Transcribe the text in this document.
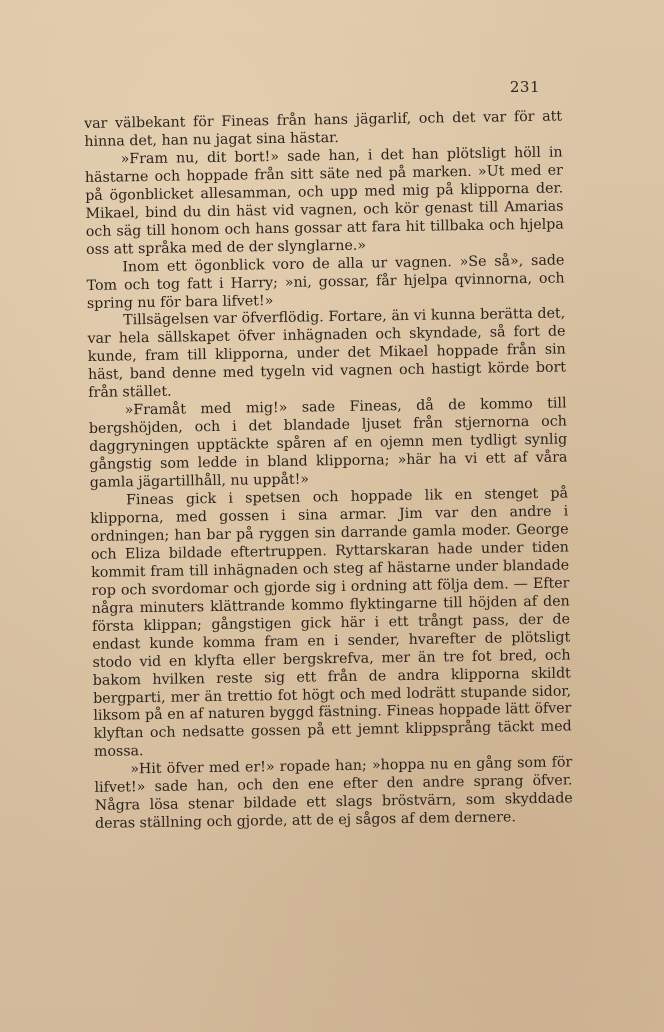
231

var välbekant för Fineas från hans jägarlif, och det var för att hinna det, han nu jagat sina hästar.

»Fram nu, dit bort!» sade han, i det han plötsligt höll in hästarne och hoppade från sitt säte ned på marken. »Ut med er på ögonblicket allesamman, och upp med mig på klipporna der. Mikael, bind du din häst vid vagnen, och kör genast till Amarias och säg till honom och hans gossar att fara hit tillbaka och hjelpa oss att språka med de der slynglarne.»

Inom ett ögonblick voro de alla ur vagnen. »Se så», sade Tom och tog fatt i Harry; »ni, gossar, får hjelpa qvinnorna, och spring nu för bara lifvet!»

Tillsägelsen var öfverflödig. Fortare, än vi kunna berätta det, var hela sällskapet öfver inhägnaden och skyndade, så fort de kunde, fram till klipporna, under det Mikael hoppade från sin häst, band denne med tygeln vid vagnen och hastigt körde bort från stället.

»Framåt med mig!» sade Fineas, då de kommo till bergshöjden, och i det blandade ljuset från stjernorna och daggryningen upptäckte spåren af en ojemn men tydligt synlig gångstig som ledde in bland klipporna; »här ha vi ett af våra gamla jägartillhåll, nu uppåt!»

Fineas gick i spetsen och hoppade lik en stenget på klipporna, med gossen i sina armar. Jim var den andre i ordningen; han bar på ryggen sin darrande gamla moder. George och Eliza bildade eftertruppen. Ryttarskaran hade under tiden kommit fram till inhägnaden och steg af hästarne under blandade rop och svordomar och gjorde sig i ordning att följa dem. — Efter några minuters klättrande kommo flyktingarne till höjden af den första klippan; gångstigen gick här i ett trångt pass, der de endast kunde komma fram en i sender, hvarefter de plötsligt stodo vid en klyfta eller bergskrefva, mer än tre fot bred, och bakom hvilken reste sig ett från de andra klipporna skildt bergparti, mer än trettio fot högt och med lodrätt stupande sidor, liksom på en af naturen byggd fästning. Fineas hoppade lätt öfver klyftan och nedsatte gossen på ett jemnt klippsprång täckt med mossa.

»Hit öfver med er!» ropade han; »hoppa nu en gång som för lifvet!» sade han, och den ene efter den andre sprang öfver. Några lösa stenar bildade ett slags bröstvärn, som skyddade deras ställning och gjorde, att de ej sågos af dem dernere.
